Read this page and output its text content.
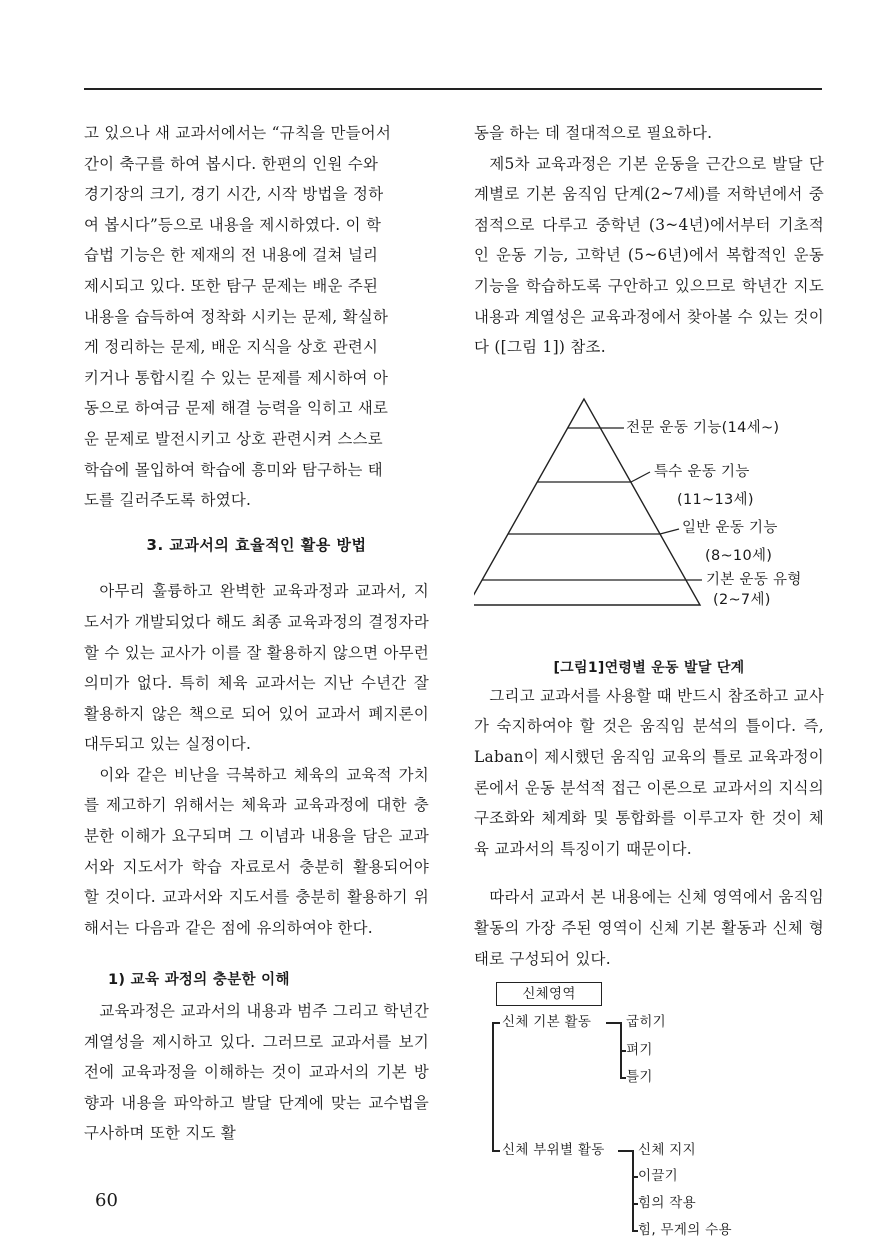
고 있으나 새 교과서에서는 “규칙을 만들어서
간이 축구를 하여 봅시다. 한편의 인원 수와
경기장의 크기, 경기 시간, 시작 방법을 정하
여 봅시다”등으로 내용을 제시하였다. 이 학
습법 기능은 한 제재의 전 내용에 걸쳐 널리
제시되고 있다. 또한 탐구 문제는 배운 주된
내용을 습득하여 정착화 시키는 문제, 확실하
게 정리하는 문제, 배운 지식을 상호 관련시
키거나 통합시킬 수 있는 문제를 제시하여 아
동으로 하여금 문제 해결 능력을 익히고 새로
운 문제로 발전시키고 상호 관련시켜 스스로
학습에 몰입하여 학습에 흥미와 탐구하는 태
도를 길러주도록 하였다.

3. 교과서의 효율적인 활용 방법

아무리 훌륭하고 완벽한 교육과정과 교과서, 지도서가 개발되었다 해도 최종 교육과정의 결정자라 할 수 있는 교사가 이를 잘 활용하지 않으면 아무런 의미가 없다. 특히 체육 교과서는 지난 수년간 잘 활용하지 않은 책으로 되어 있어 교과서 폐지론이 대두되고 있는 실정이다.

이와 같은 비난을 극복하고 체육의 교육적 가치를 제고하기 위해서는 체육과 교육과정에 대한 충분한 이해가 요구되며 그 이념과 내용을 담은 교과서와 지도서가 학습 자료로서 충분히 활용되어야 할 것이다. 교과서와 지도서를 충분히 활용하기 위해서는 다음과 같은 점에 유의하여야 한다.

1) 교육 과정의 충분한 이해

교육과정은 교과서의 내용과 범주 그리고 학년간 계열성을 제시하고 있다. 그러므로 교과서를 보기 전에 교육과정을 이해하는 것이 교과서의 기본 방향과 내용을 파악하고 발달 단계에 맞는 교수법을 구사하며 또한 지도 활

동을 하는 데 절대적으로 필요하다.

제5차 교육과정은 기본 운동을 근간으로 발달 단계별로 기본 움직임 단계(2~7세)를 저학년에서 중점적으로 다루고 중학년 (3~4년)에서부터 기초적인 운동 기능, 고학년 (5~6년)에서 복합적인 운동 기능을 학습하도록 구안하고 있으므로 학년간 지도 내용과 계열성은 교육과정에서 찾아볼 수 있는 것이다 ([그림 1]) 참조.

전문 운동 기능(14세~)
특수 운동 기능
(11~13세)
일반 운동 기능
(8~10세)
기본 운동 유형
(2~7세)
[그림1]연령별 운동 발달 단계

그리고 교과서를 사용할 때 반드시 참조하고 교사가 숙지하여야 할 것은 움직임 분석의 틀이다. 즉, Laban이 제시했던 움직임 교육의 틀로 교육과정이론에서 운동 분석적 접근 이론으로 교과서의 지식의 구조화와 체계화 및 통합화를 이루고자 한 것이 체육 교과서의 특징이기 때문이다.

따라서 교과서 본 내용에는 신체 영역에서 움직임 활동의 가장 주된 영역이 신체 기본 활동과 신체 형태로 구성되어 있다.

신체영역
신체 기본 활동	굽히기
펴기
틀기
신체 부위별 활동 신체 지지
이끌기
힘의 작용
힘, 무게의 수용
60
